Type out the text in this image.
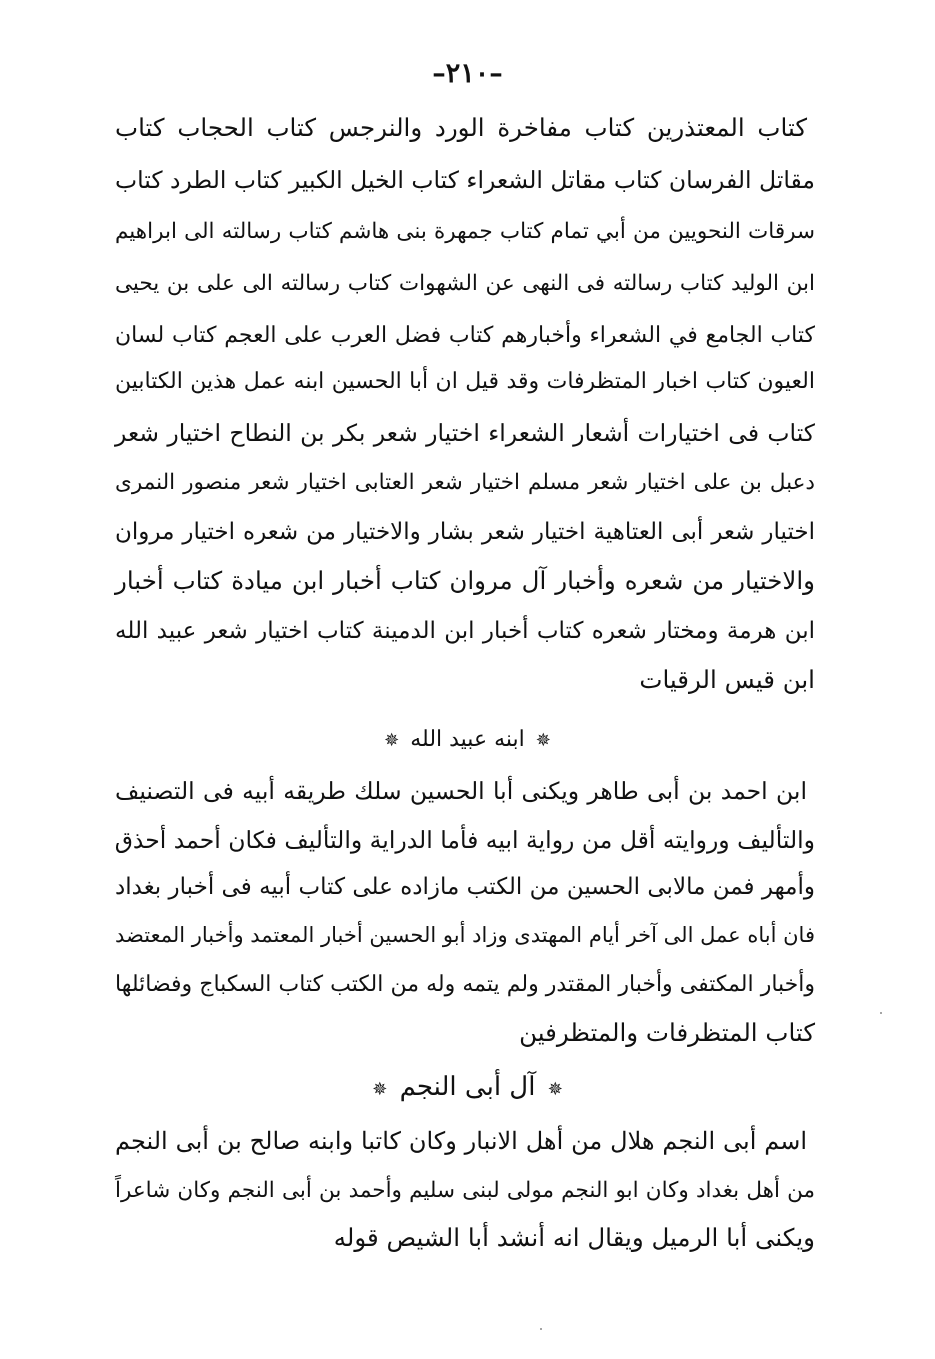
–٢١٠–
كتاب المعتذرين كتاب مفاخرة الورد والنرجس كتاب الحجاب كتاب
مقاتل الفرسان كتاب مقاتل الشعراء كتاب الخيل الكبير كتاب الطرد كتاب
سرقات النحويين من أبي تمام كتاب جمهرة بنى هاشم كتاب رسالته الى ابراهيم
ابن الوليد كتاب رسالته فى النهى عن الشهوات كتاب رسالته الى على بن يحيى
كتاب الجامع في الشعراء وأخبارهم كتاب فضل العرب على العجم كتاب لسان
العيون كتاب اخبار المتظرفات وقد قيل ان أبا الحسين ابنه عمل هذين الكتابين
كتاب فى اختيارات أشعار الشعراء اختيار شعر بكر بن النطاح اختيار شعر
دعبل بن على اختيار شعر مسلم اختيار شعر العتابى اختيار شعر منصور النمرى
اختيار شعر أبى العتاهية اختيار شعر بشار والاختيار من شعره اختيار مروان
والاختيار من شعره وأخبار آل مروان كتاب أخبار ابن ميادة كتاب أخبار
ابن هرمة ومختار شعره كتاب أخبار ابن الدمينة كتاب اختيار شعر عبيد الله
ابن قيس الرقيات
✵ ابنه عبيد الله ✵
ابن احمد بن أبى طاهر ويكنى أبا الحسين سلك طريقه أبيه فى التصنيف
والتأليف وروايته أقل من رواية ابيه فأما الدراية والتأليف فكان أحمد أحذق
وأمهر فمن مالابى الحسين من الكتب مازاده على كتاب أبيه فى أخبار بغداد
فان أباه عمل الى آخر أيام المهتدى وزاد أبو الحسين أخبار المعتمد وأخبار المعتضد
وأخبار المكتفى وأخبار المقتدر ولم يتمه وله من الكتب كتاب السكباج وفضائلها
كتاب المتظرفات والمتظرفين
✵ آل أبى النجم ✵
اسم أبى النجم هلال من أهل الانبار وكان كاتبا وابنه صالح بن أبى النجم
من أهل بغداد وكان ابو النجم مولى لبنى سليم وأحمد بن أبى النجم وكان شاعراً
ويكنى أبا الرميل ويقال انه أنشد أبا الشيص قوله
